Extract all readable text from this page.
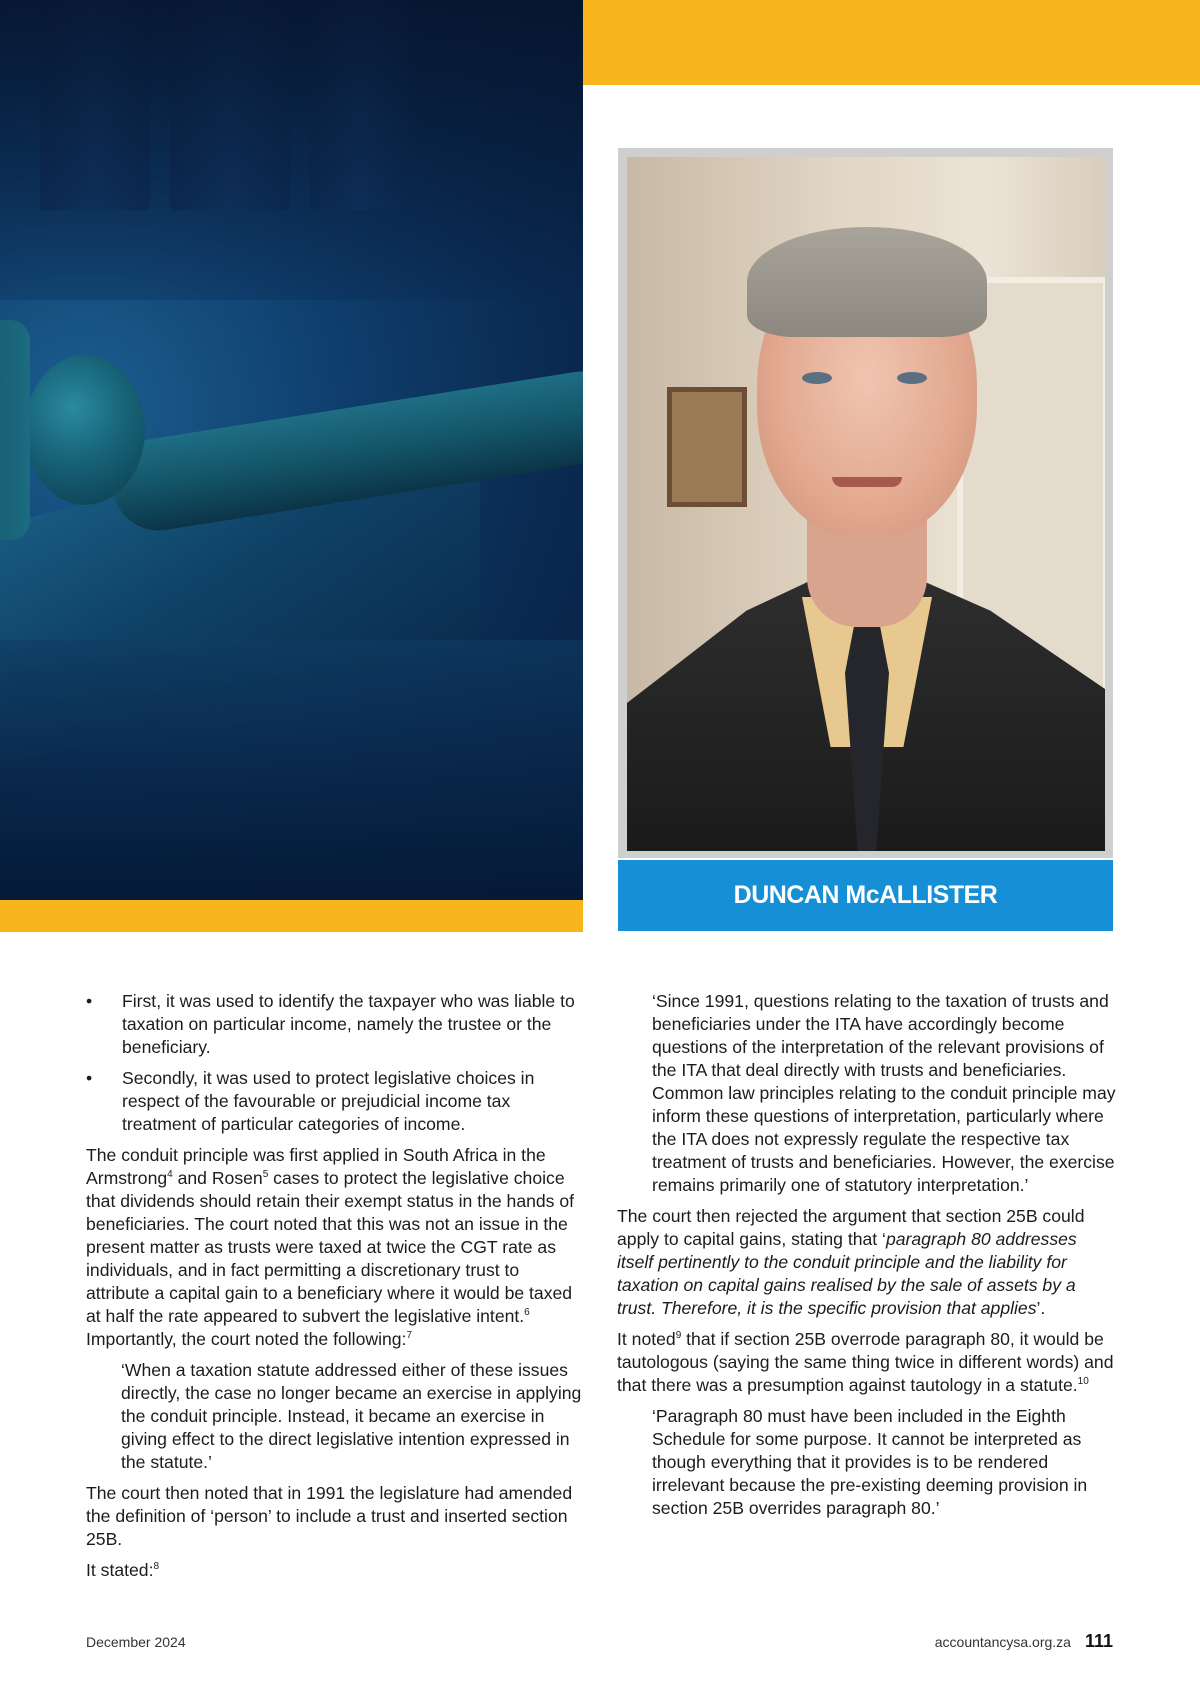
DUNCAN McALLISTER
• First, it was used to identify the taxpayer who was liable to taxation on particular income, namely the trustee or the beneficiary.
• Secondly, it was used to protect legislative choices in respect of the favourable or prejudicial income tax treatment of particular categories of income.

The conduit principle was first applied in South Africa in the Armstrong$^4$ and Rosen$^5$ cases to protect the legislative choice that dividends should retain their exempt status in the hands of beneficiaries. The court noted that this was not an issue in the present matter as trusts were taxed at twice the CGT rate as individuals, and in fact permitting a discretionary trust to attribute a capital gain to a beneficiary where it would be taxed at half the rate appeared to subvert the legislative intent.$^6$ Importantly, the court noted the following:$^7$

‘When a taxation statute addressed either of these issues directly, the case no longer became an exercise in applying the conduit principle. Instead, it became an exercise in giving effect to the direct legislative intention expressed in the statute.’

The court then noted that in 1991 the legislature had amended the definition of ‘person’ to include a trust and inserted section 25B.

It stated:$^8$

‘Since 1991, questions relating to the taxation of trusts and beneficiaries under the ITA have accordingly become questions of the interpretation of the relevant provisions of the ITA that deal directly with trusts and beneficiaries. Common law principles relating to the conduit principle may inform these questions of interpretation, particularly where the ITA does not expressly regulate the respective tax treatment of trusts and beneficiaries. However, the exercise remains primarily one of statutory interpretation.’

The court then rejected the argument that section 25B could apply to capital gains, stating that ‘paragraph 80 addresses itself pertinently to the conduit principle and the liability for taxation on capital gains realised by the sale of assets by a trust. Therefore, it is the specific provision that applies’.

It noted$^9$ that if section 25B overrode paragraph 80, it would be tautologous (saying the same thing twice in different words) and that there was a presumption against tautology in a statute.$^{10}$

‘Paragraph 80 must have been included in the Eighth Schedule for some purpose. It cannot be interpreted as though everything that it provides is to be rendered irrelevant because the pre-existing deeming provision in section 25B overrides paragraph 80.’

December 2024	accountancysa.org.za 111
